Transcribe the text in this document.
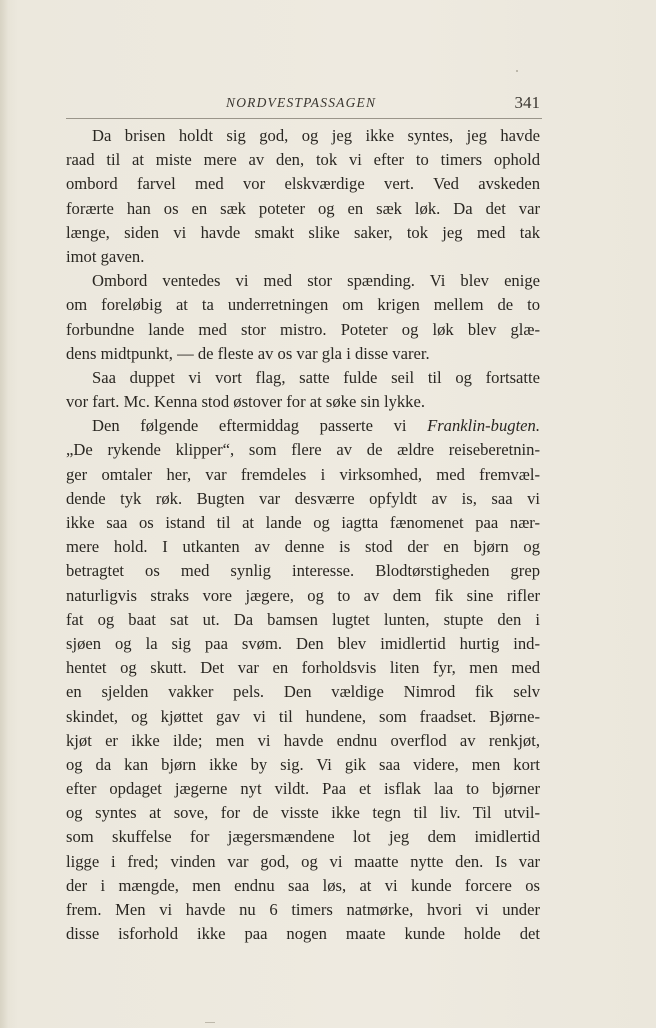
NORDVESTPASSAGEN	341
Da brisen holdt sig god, og jeg ikke syntes, jeg havde
raad til at miste mere av den, tok vi efter to timers ophold
ombord farvel med vor elskværdige vert. Ved avskeden
forærte han os en sæk poteter og en sæk løk. Da det var
længe, siden vi havde smakt slike saker, tok jeg med tak
imot gaven.
Ombord ventedes vi med stor spænding. Vi blev enige
om foreløbig at ta underretningen om krigen mellem de to
forbundne lande med stor mistro. Poteter og løk blev glæ-
dens midtpunkt, — de fleste av os var gla i disse varer.
Saa duppet vi vort flag, satte fulde seil til og fortsatte
vor fart. Mc. Kenna stod østover for at søke sin lykke.
Den følgende eftermiddag passerte vi Franklin-bugten.
„De rykende klipper“, som flere av de ældre reiseberetnin-
ger omtaler her, var fremdeles i virksomhed, med fremvæl-
dende tyk røk. Bugten var desværre opfyldt av is, saa vi
ikke saa os istand til at lande og iagtta fænomenet paa nær-
mere hold. I utkanten av denne is stod der en bjørn og
betragtet os med synlig interesse. Blodtørstigheden grep
naturligvis straks vore jægere, og to av dem fik sine rifler
fat og baat sat ut. Da bamsen lugtet lunten, stupte den i
sjøen og la sig paa svøm. Den blev imidlertid hurtig ind-
hentet og skutt. Det var en forholdsvis liten fyr, men med
en sjelden vakker pels. Den vældige Nimrod fik selv
skindet, og kjøttet gav vi til hundene, som fraadset. Bjørne-
kjøt er ikke ilde; men vi havde endnu overflod av renkjøt,
og da kan bjørn ikke by sig. Vi gik saa videre, men kort
efter opdaget jægerne nyt vildt. Paa et isflak laa to bjørner
og syntes at sove, for de visste ikke tegn til liv. Til utvil-
som skuffelse for jægersmændene lot jeg dem imidlertid
ligge i fred; vinden var god, og vi maatte nytte den. Is var
der i mængde, men endnu saa løs, at vi kunde forcere os
frem. Men vi havde nu 6 timers natmørke, hvori vi under
disse isforhold ikke paa nogen maate kunde holde det
